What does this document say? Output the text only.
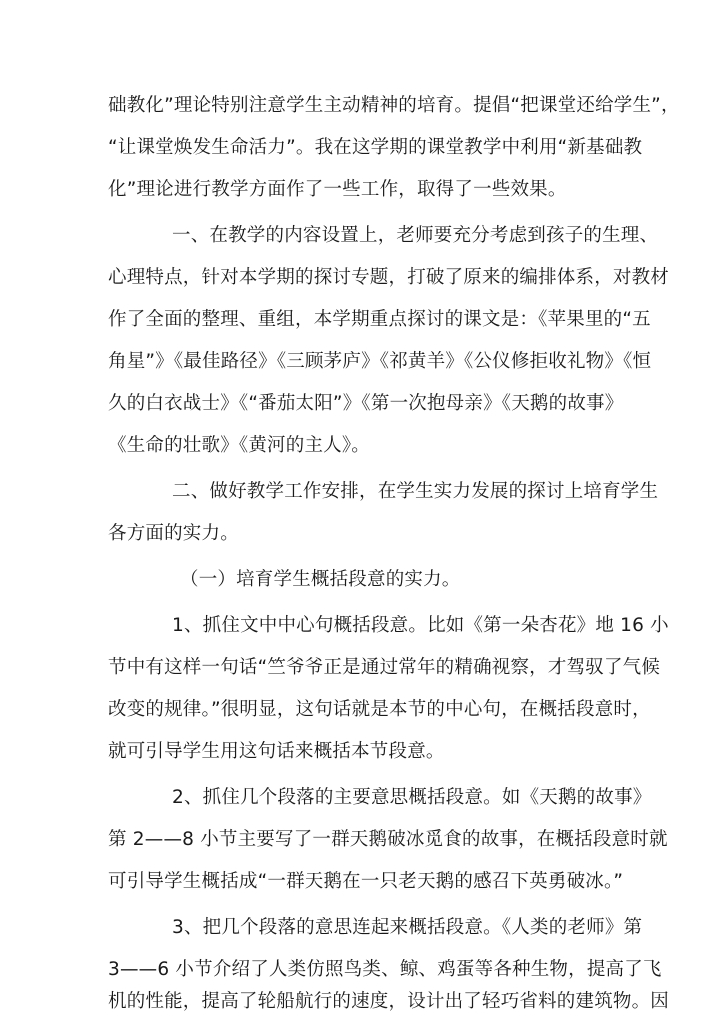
础教化”理论特别注意学生主动精神的培育。提倡“把课堂还给学生”，
“让课堂焕发生命活力”。我在这学期的课堂教学中利用“新基础教
化”理论进行教学方面作了一些工作，取得了一些效果。
一、在教学的内容设置上，老师要充分考虑到孩子的生理、
心理特点，针对本学期的探讨专题，打破了原来的编排体系，对教材
作了全面的整理、重组，本学期重点探讨的课文是：《苹果里的“五
角星”》《最佳路径》《三顾茅庐》《祁黄羊》《公仪修拒收礼物》《恒
久的白衣战士》《“番茄太阳”》《第一次抱母亲》《天鹅的故事》
《生命的壮歌》《黄河的主人》。
二、做好教学工作安排，在学生实力发展的探讨上培育学生
各方面的实力。
（一）培育学生概括段意的实力。
1、抓住文中中心句概括段意。比如《第一朵杏花》地 16 小
节中有这样一句话“竺爷爷正是通过常年的精确视察，才驾驭了气候
改变的规律。”很明显，这句话就是本节的中心句，在概括段意时，
就可引导学生用这句话来概括本节段意。
2、抓住几个段落的主要意思概括段意。如《天鹅的故事》
第 2——8 小节主要写了一群天鹅破冰觅食的故事，在概括段意时就
可引导学生概括成“一群天鹅在一只老天鹅的感召下英勇破冰。”
3、把几个段落的意思连起来概括段意。《人类的老师》第
3——6 小节介绍了人类仿照鸟类、鲸、鸡蛋等各种生物，提高了飞
机的性能，提高了轮船航行的速度，设计出了轻巧省料的建筑物。因
